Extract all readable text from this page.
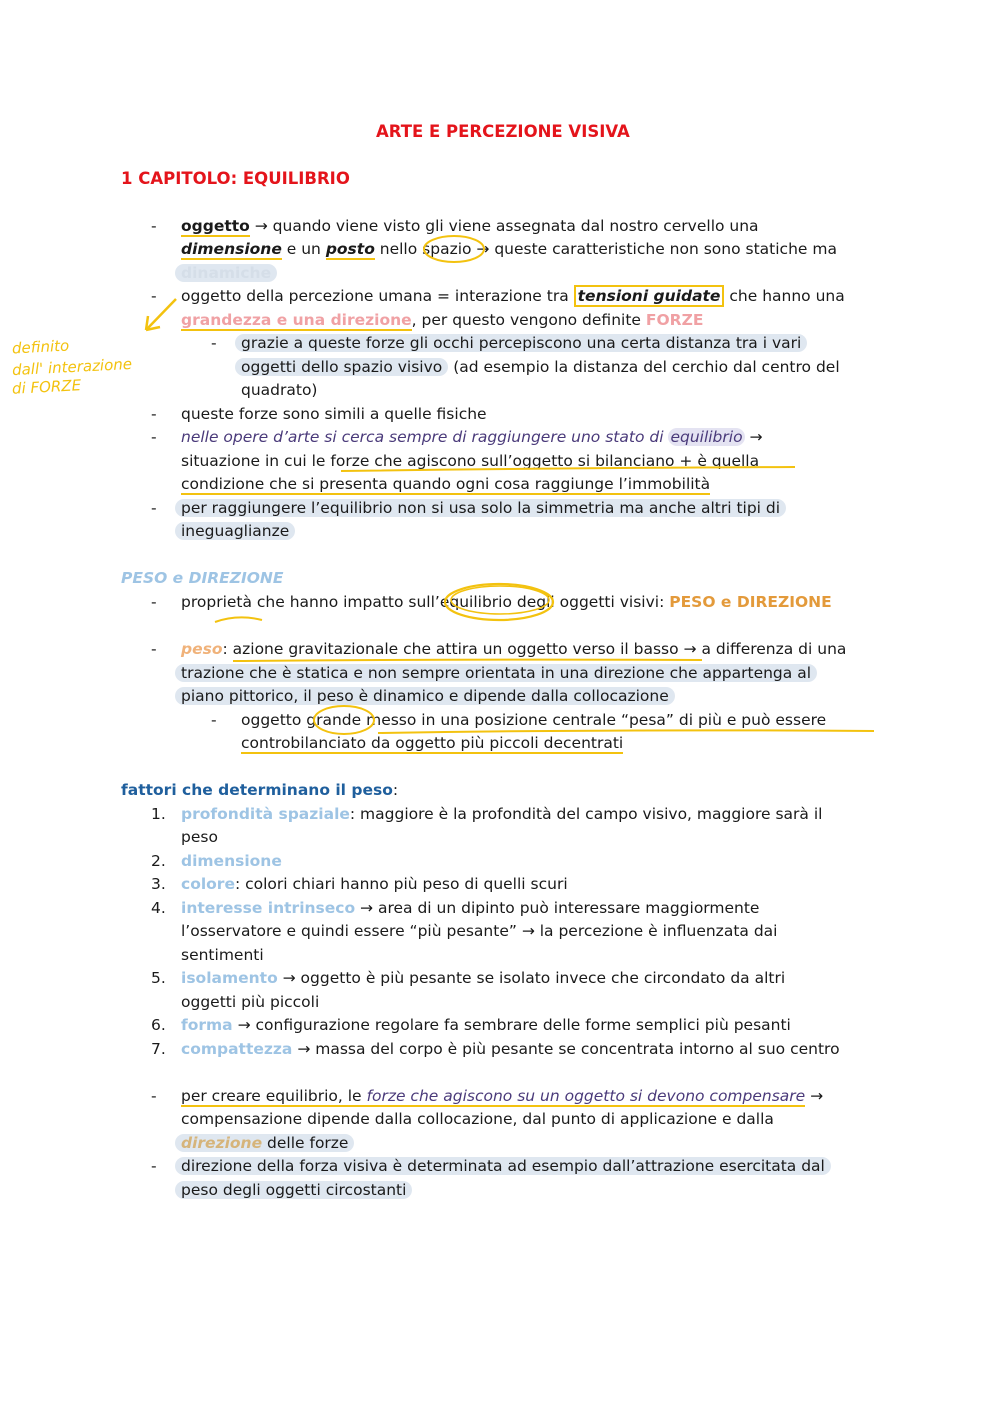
ARTE E PERCEZIONE VISIVA
1 CAPITOLO: EQUILIBRIO
- oggetto → quando viene visto gli viene assegnata dal nostro cervello una
dimensione e un posto nello spazio → queste caratteristiche non sono statiche ma
dinamiche
- oggetto della percezione umana = interazione tra tensioni guidate che hanno una
grandezza e una direzione, per questo vengono definite FORZE
- grazie a queste forze gli occhi percepiscono una certa distanza tra i vari
oggetti dello spazio visivo (ad esempio la distanza del cerchio dal centro del
quadrato)
- queste forze sono simili a quelle fisiche
- nelle opere d’arte si cerca sempre di raggiungere uno stato di equilibrio →
situazione in cui le forze che agiscono sull’oggetto si bilanciano + è quella
condizione che si presenta quando ogni cosa raggiunge l’immobilità
- per raggiungere l’equilibrio non si usa solo la simmetria ma anche altri tipi di
ineguaglianze
PESO e DIREZIONE
- proprietà che hanno impatto sull’equilibrio degli oggetti visivi: PESO e DIREZIONE
- peso: azione gravitazionale che attira un oggetto verso il basso → a differenza di una
trazione che è statica e non sempre orientata in una direzione che appartenga al
piano pittorico, il peso è dinamico e dipende dalla collocazione
- oggetto grande messo in una posizione centrale “pesa” di più e può essere
controbilanciato da oggetto più piccoli decentrati
fattori che determinano il peso:
1. profondità spaziale: maggiore è la profondità del campo visivo, maggiore sarà il
peso
2. dimensione
3. colore: colori chiari hanno più peso di quelli scuri
4. interesse intrinseco → area di un dipinto può interessare maggiormente
l’osservatore e quindi essere “più pesante” → la percezione è influenzata dai
sentimenti
5. isolamento → oggetto è più pesante se isolato invece che circondato da altri
oggetti più piccoli
6. forma → configurazione regolare fa sembrare delle forme semplici più pesanti
7. compattezza → massa del corpo è più pesante se concentrata intorno al suo centro
- per creare equilibrio, le forze che agiscono su un oggetto si devono compensare →
compensazione dipende dalla collocazione, dal punto di applicazione e dalla
direzione delle forze
- direzione della forza visiva è determinata ad esempio dall’attrazione esercitata dal
peso degli oggetti circostanti
definito
dall' interazione
di FORZE
